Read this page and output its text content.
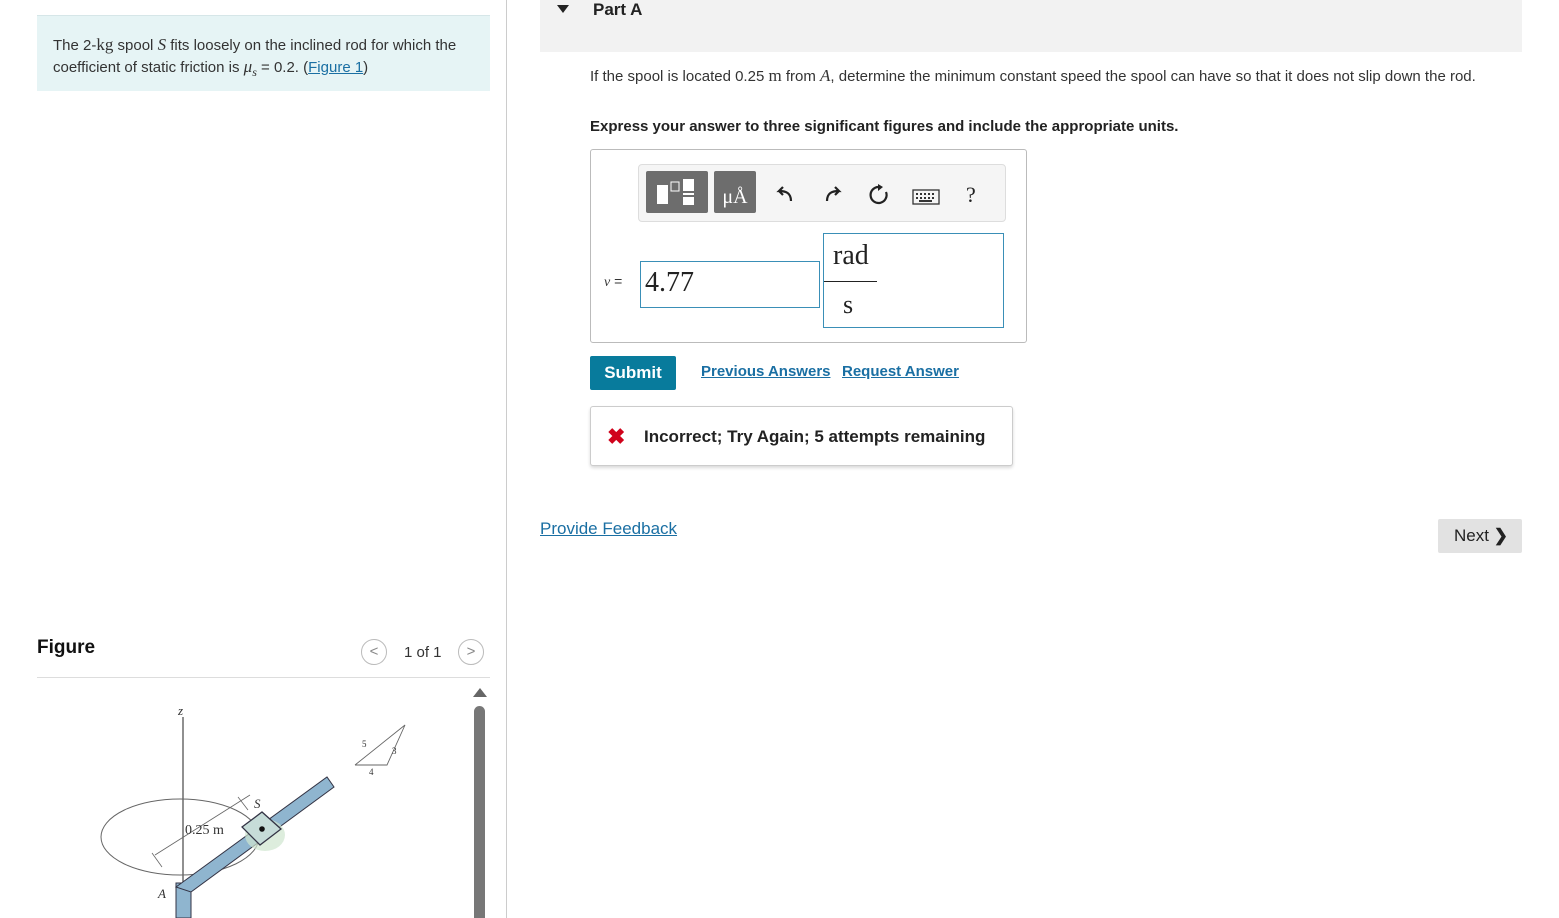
The 2-kg spool S fits loosely on the inclined rod for which the coefficient of static friction is $\mu_s = 0.2$. (Figure 1)
Figure	<	1 of 1	>
z
0.25 m
S
A
5
3
4
Part A
If the spool is located 0.25 m from A, determine the minimum constant speed the spool can have so that it does not slip down the rod.
Express your answer to three significant figures and include the appropriate units.
μÅ	?
v = 4.77
rad
s
Submit	Previous Answers Request Answer
✖ Incorrect; Try Again; 5 attempts remaining
Provide Feedback	Next ❯
